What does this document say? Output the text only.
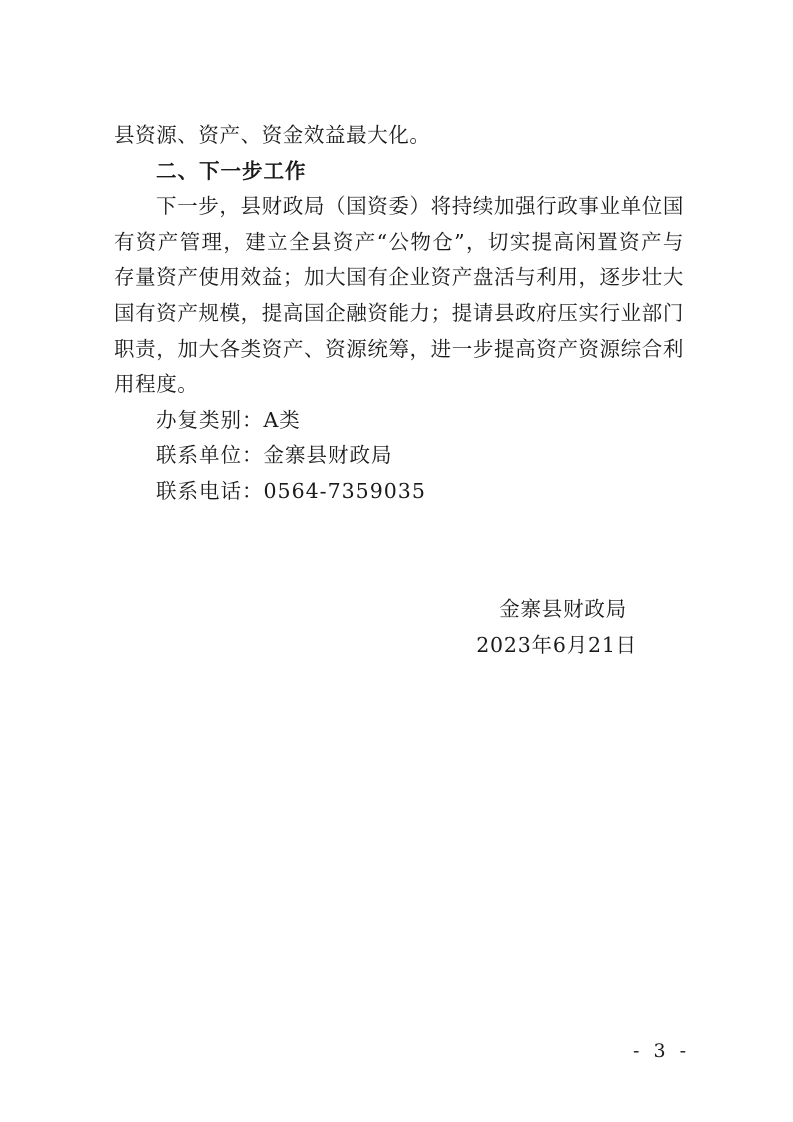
县资源、资产、资金效益最大化。

二、下一步工作

下一步，县财政局（国资委）将持续加强行政事业单位国有资产管理，建立全县资产“公物仓”，切实提高闲置资产与存量资产使用效益；加大国有企业资产盘活与利用，逐步壮大国有资产规模，提高国企融资能力；提请县政府压实行业部门职责，加大各类资产、资源统筹，进一步提高资产资源综合利用程度。

办复类别：A类

联系单位：金寨县财政局

联系电话：0564-7359035

金寨县财政局
2023年6月21日
- 3 -
